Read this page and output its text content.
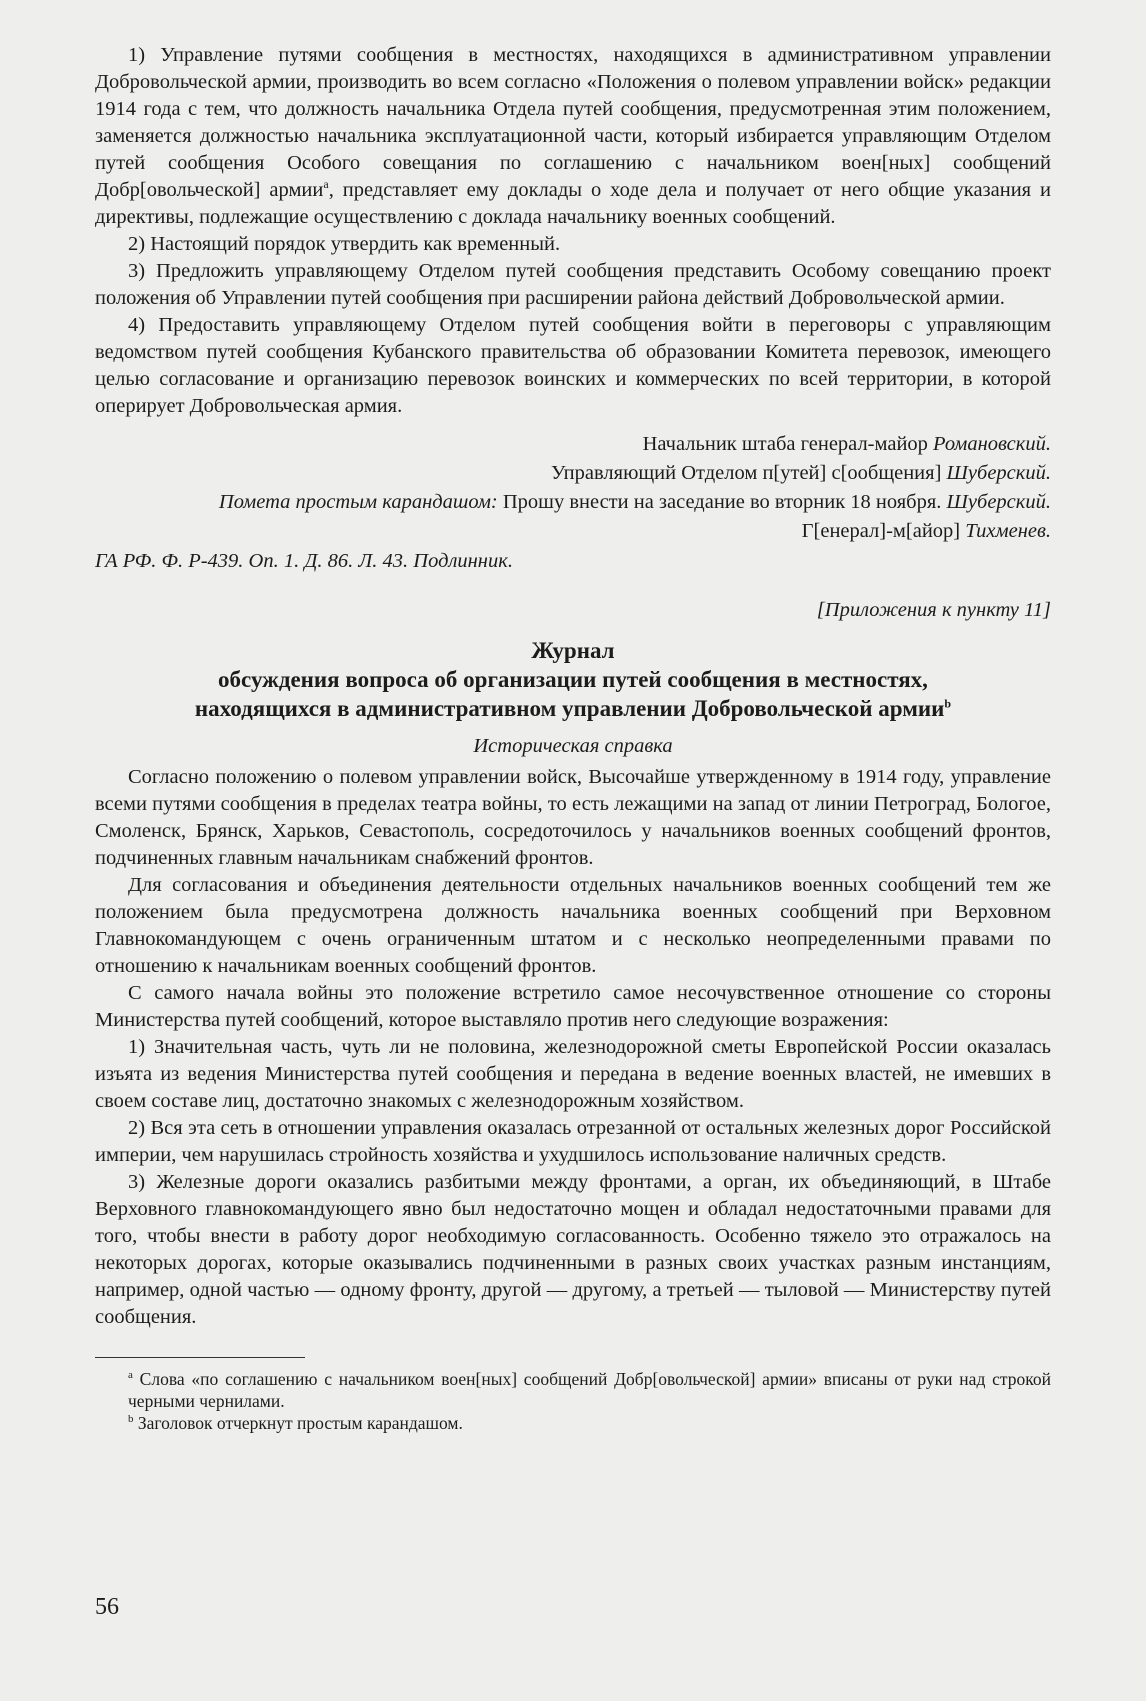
1) Управление путями сообщения в местностях, находящихся в административном управлении Добровольческой армии, производить во всем согласно «Положения о полевом управлении войск» редакции 1914 года с тем, что должность начальника Отдела путей сообщения, предусмотренная этим положением, заменяется должностью начальника эксплуатационной части, который избирается управляющим Отделом путей сообщения Особого совещания по соглашению с начальником воен[ных] сообщений Добр[овольческой] армии$^a$, представляет ему доклады о ходе дела и получает от него общие указания и директивы, подлежащие осуществлению с доклада начальнику военных сообщений.

2) Настоящий порядок утвердить как временный.

3) Предложить управляющему Отделом путей сообщения представить Особому совещанию проект положения об Управлении путей сообщения при расширении района действий Добровольческой армии.

4) Предоставить управляющему Отделом путей сообщения войти в переговоры с управляющим ведомством путей сообщения Кубанского правительства об образовании Комитета перевозок, имеющего целью согласование и организацию перевозок воинских и коммерческих по всей территории, в которой оперирует Добровольческая армия.

Начальник штаба генерал-майор Романовский.
Управляющий Отделом п[утей] с[ообщения] Шуберский.
Помета простым карандашом: Прошу внести на заседание во вторник 18 ноября. Шуберский.
Г[енерал]-м[айор] Тихменев.
ГА РФ. Ф. Р-439. Оп. 1. Д. 86. Л. 43. Подлинник.
[Приложения к пункту 11]
Журнал
обсуждения вопроса об организации путей сообщения в местностях,
находящихся в административном управлении Добровольческой армии$^b$
Историческая справка

Согласно положению о полевом управлении войск, Высочайше утвержденному в 1914 году, управление всеми путями сообщения в пределах театра войны, то есть лежащими на запад от линии Петроград, Бологое, Смоленск, Брянск, Харьков, Севастополь, сосредоточилось у начальников военных сообщений фронтов, подчиненных главным начальникам снабжений фронтов.

Для согласования и объединения деятельности отдельных начальников военных сообщений тем же положением была предусмотрена должность начальника военных сообщений при Верховном Главнокомандующем с очень ограниченным штатом и с несколько неопределенными правами по отношению к начальникам военных сообщений фронтов.

С самого начала войны это положение встретило самое несочувственное отношение со стороны Министерства путей сообщений, которое выставляло против него следующие возражения:

1) Значительная часть, чуть ли не половина, железнодорожной сметы Европейской России оказалась изъята из ведения Министерства путей сообщения и передана в ведение военных властей, не имевших в своем составе лиц, достаточно знакомых с железнодорожным хозяйством.

2) Вся эта сеть в отношении управления оказалась отрезанной от остальных железных дорог Российской империи, чем нарушилась стройность хозяйства и ухудшилось использование наличных средств.

3) Железные дороги оказались разбитыми между фронтами, а орган, их объединяющий, в Штабе Верховного главнокомандующего явно был недостаточно мощен и обладал недостаточными правами для того, чтобы внести в работу дорог необходимую согласованность. Особенно тяжело это отражалось на некоторых дорогах, которые оказывались подчиненными в разных своих участках разным инстанциям, например, одной частью — одному фронту, другой — другому, а третьей — тыловой — Министерству путей сообщения.

$^a$ Слова «по соглашению с начальником воен[ных] сообщений Добр[овольческой] армии» вписаны от руки над строкой черными чернилами.

$^b$ Заголовок отчеркнут простым карандашом.

56
